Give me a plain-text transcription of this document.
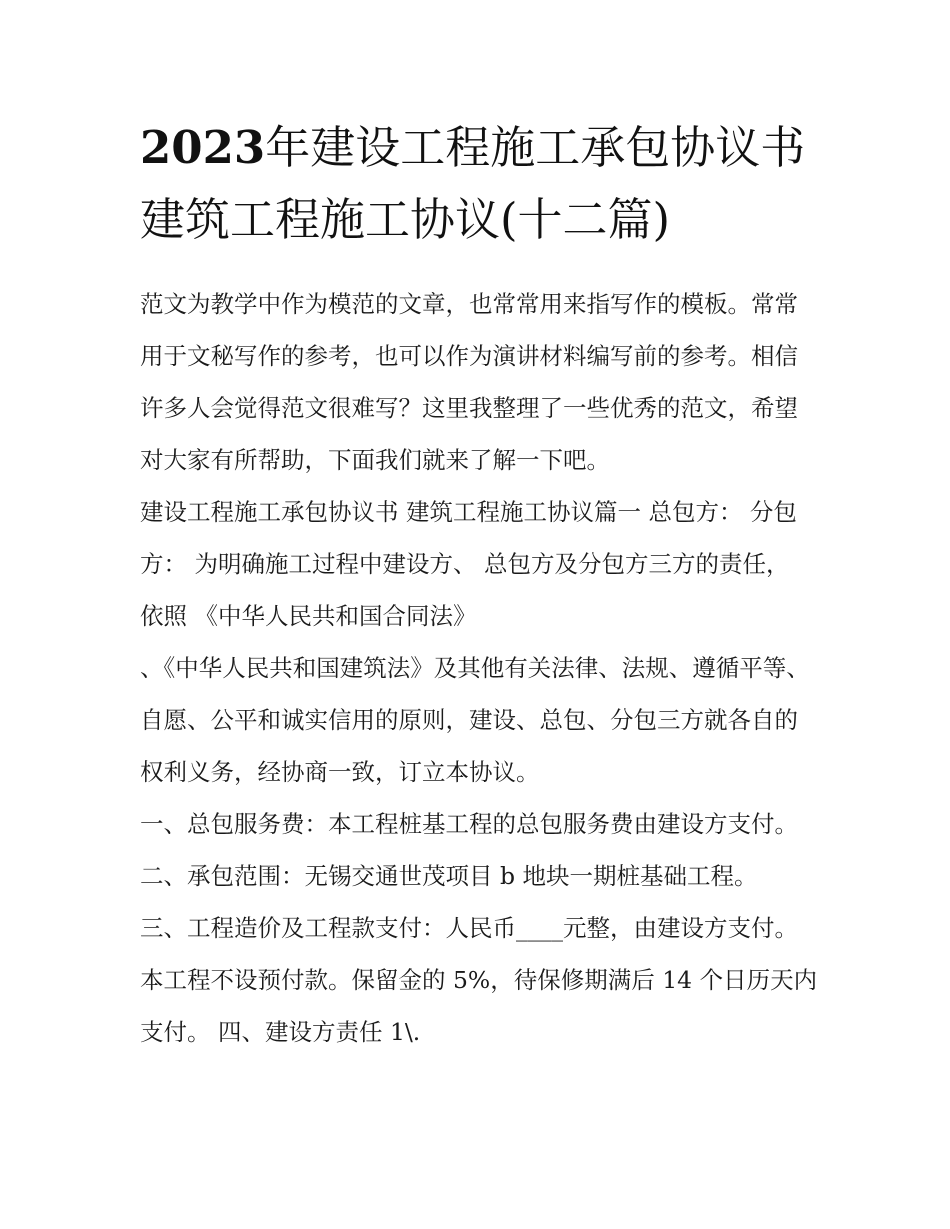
2023年建设工程施工承包协议书 建筑工程施工协议(十二篇)

范文为教学中作为模范的文章，也常常用来指写作的模板。常常用于文秘写作的参考，也可以作为演讲材料编写前的参考。相信许多人会觉得范文很难写？这里我整理了一些优秀的范文，希望对大家有所帮助，下面我们就来了解一下吧。

建设工程施工承包协议书 建筑工程施工协议篇一 总包方： 分包方： 为明确施工过程中建设方、 总包方及分包方三方的责任， 依照 《中华人民共和国合同法》

、《中华人民共和国建筑法》及其他有关法律、法规、遵循平等、自愿、公平和诚实信用的原则，建设、总包、分包三方就各自的权利义务，经协商一致，订立本协议。

一、总包服务费：本工程桩基工程的总包服务费由建设方支付。 二、承包范围：无锡交通世茂项目 b 地块一期桩基础工程。

三、工程造价及工程款支付：人民币____元整，由建设方支付。本工程不设预付款。保留金的 5%，待保修期满后 14 个日历天内支付。 四、建设方责任 1\.
